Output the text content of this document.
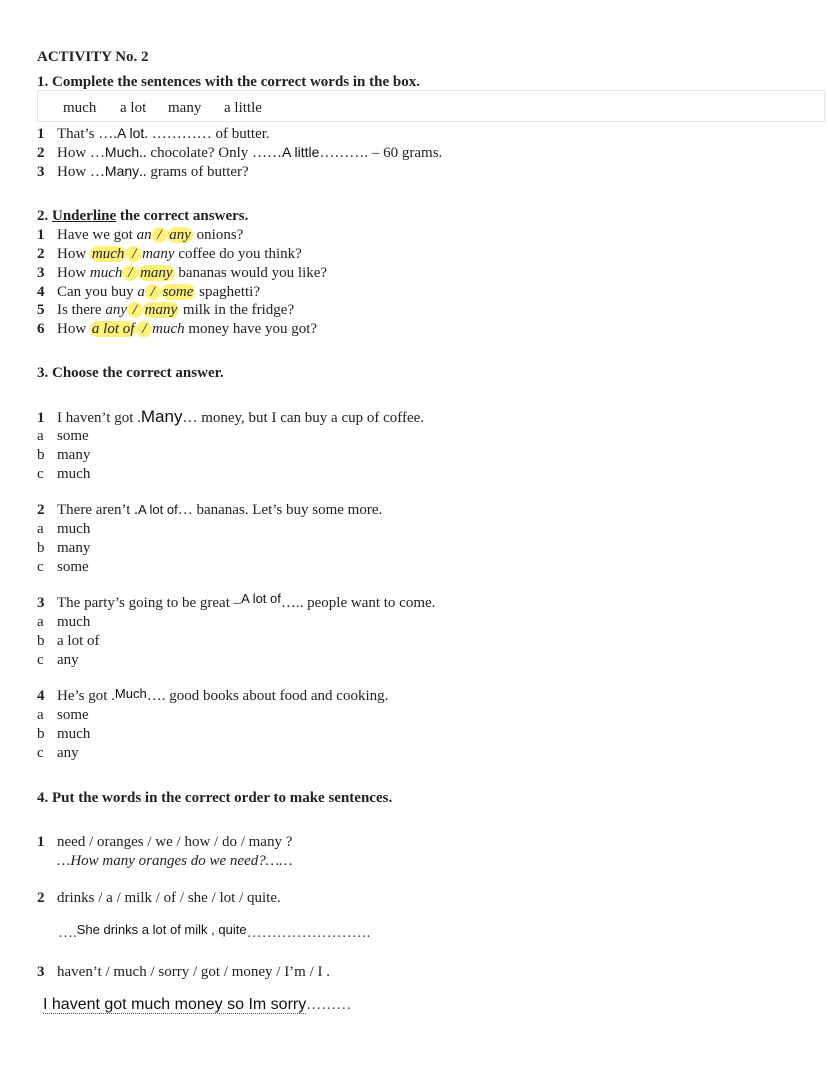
ACTIVITY No. 2
1. Complete the sentences with the correct words in the box.
much a lot many a little
1 That’s ….A lot. ………… of butter.
2 How …Much.. chocolate? Only ……A little………. – 60 grams.
3 How …Many.. grams of butter?
2. Underline the correct answers.
1 Have we got an / any onions?
2 How much / many coffee do you think?
3 How much / many bananas would you like?
4 Can you buy a / some spaghetti?
5 Is there any / many milk in the fridge?
6 How a lot of / much money have you got?
3. Choose the correct answer.
1 I haven’t got .Many… money, but I can buy a cup of coffee.
a some
b many
c much
2 There aren’t .A lot of… bananas. Let’s buy some more.
a much
b many
c some
3 The party’s going to be great –A lot of….. people want to come.
a much
b a lot of
c any
4 He’s got .Much…. good books about food and cooking.
a some
b much
c any
4. Put the words in the correct order to make sentences.
1 need / oranges / we / how / do / many ?
…How many oranges do we need?……
2 drinks / a / milk / of / she / lot / quite.
….She drinks a lot of milk , quite…………………….
3 haven’t / much / sorry / got / money / I’m / I .
I havent got much money so Im sorry………
